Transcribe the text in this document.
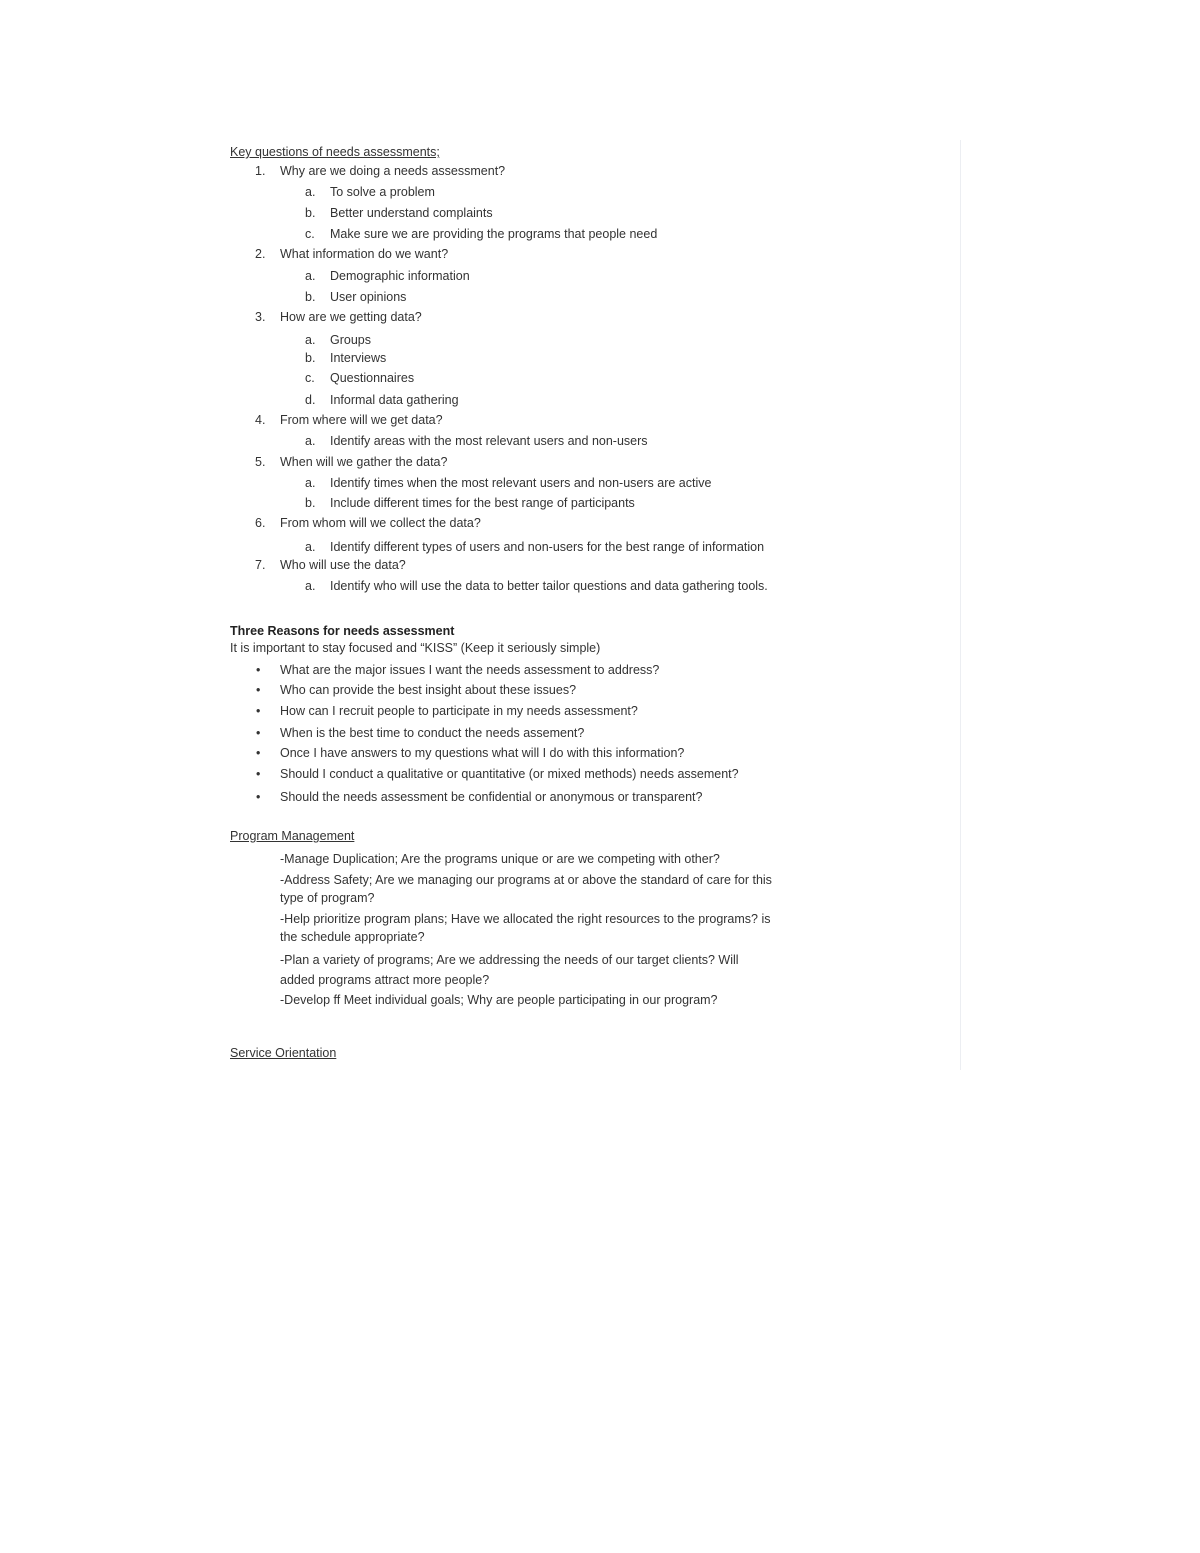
Key questions of needs assessments;
1. Why are we doing a needs assessment?
a. To solve a problem
b. Better understand complaints
c. Make sure we are providing the programs that people need
2. What information do we want?
a. Demographic information
b. User opinions
3. How are we getting data?
a. Groups
b. Interviews
c. Questionnaires
d. Informal data gathering
4. From where will we get data?
a. Identify areas with the most relevant users and non-users
5. When will we gather the data?
a. Identify times when the most relevant users and non-users are active
b. Include different times for the best range of participants
6. From whom will we collect the data?
a. Identify different types of users and non-users for the best range of information
7. Who will use the data?
a. Identify who will use the data to better tailor questions and data gathering tools.
Three Reasons for needs assessment
It is important to stay focused and “KISS” (Keep it seriously simple)
• What are the major issues I want the needs assessment to address?
• Who can provide the best insight about these issues?
• How can I recruit people to participate in my needs assessment?
• When is the best time to conduct the needs assement?
• Once I have answers to my questions what will I do with this information?
• Should I conduct a qualitative or quantitative (or mixed methods) needs assement?
• Should the needs assessment be confidential or anonymous or transparent?
Program Management
-Manage Duplication; Are the programs unique or are we competing with other?
-Address Safety; Are we managing our programs at or above the standard of care for this
type of program?
-Help prioritize program plans; Have we allocated the right resources to the programs? is
the schedule appropriate?
-Plan a variety of programs; Are we addressing the needs of our target clients? Will
added programs attract more people?
-Develop ff Meet individual goals; Why are people participating in our program?
Service Orientation
